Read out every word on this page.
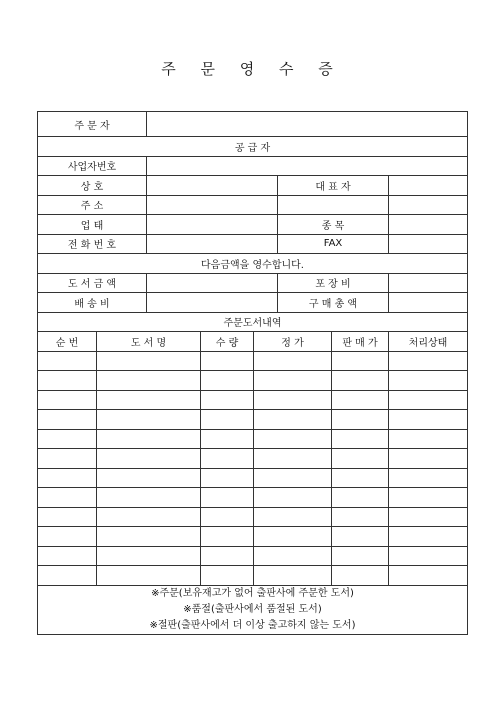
주 문 영 수 증
주 문 자							
공 급 자							
사업자번호							
상 호					대 표 자		
주 소							
업 태					종 목		
전 화 번 호					FAX		
다음금액을 영수합니다.							
도 서 금 액					포 장 비		
배 송 비					구 매 총 액		
주문도서내역							
순 번	도 서 명		수 량	정 가		판 매 가	처리상태

※주문(보유재고가 없어 출판사에 주문한 도서)
※품절(출판사에서 품절된 도서)
※절판(출판사에서 더 이상 출고하지 않는 도서)							
